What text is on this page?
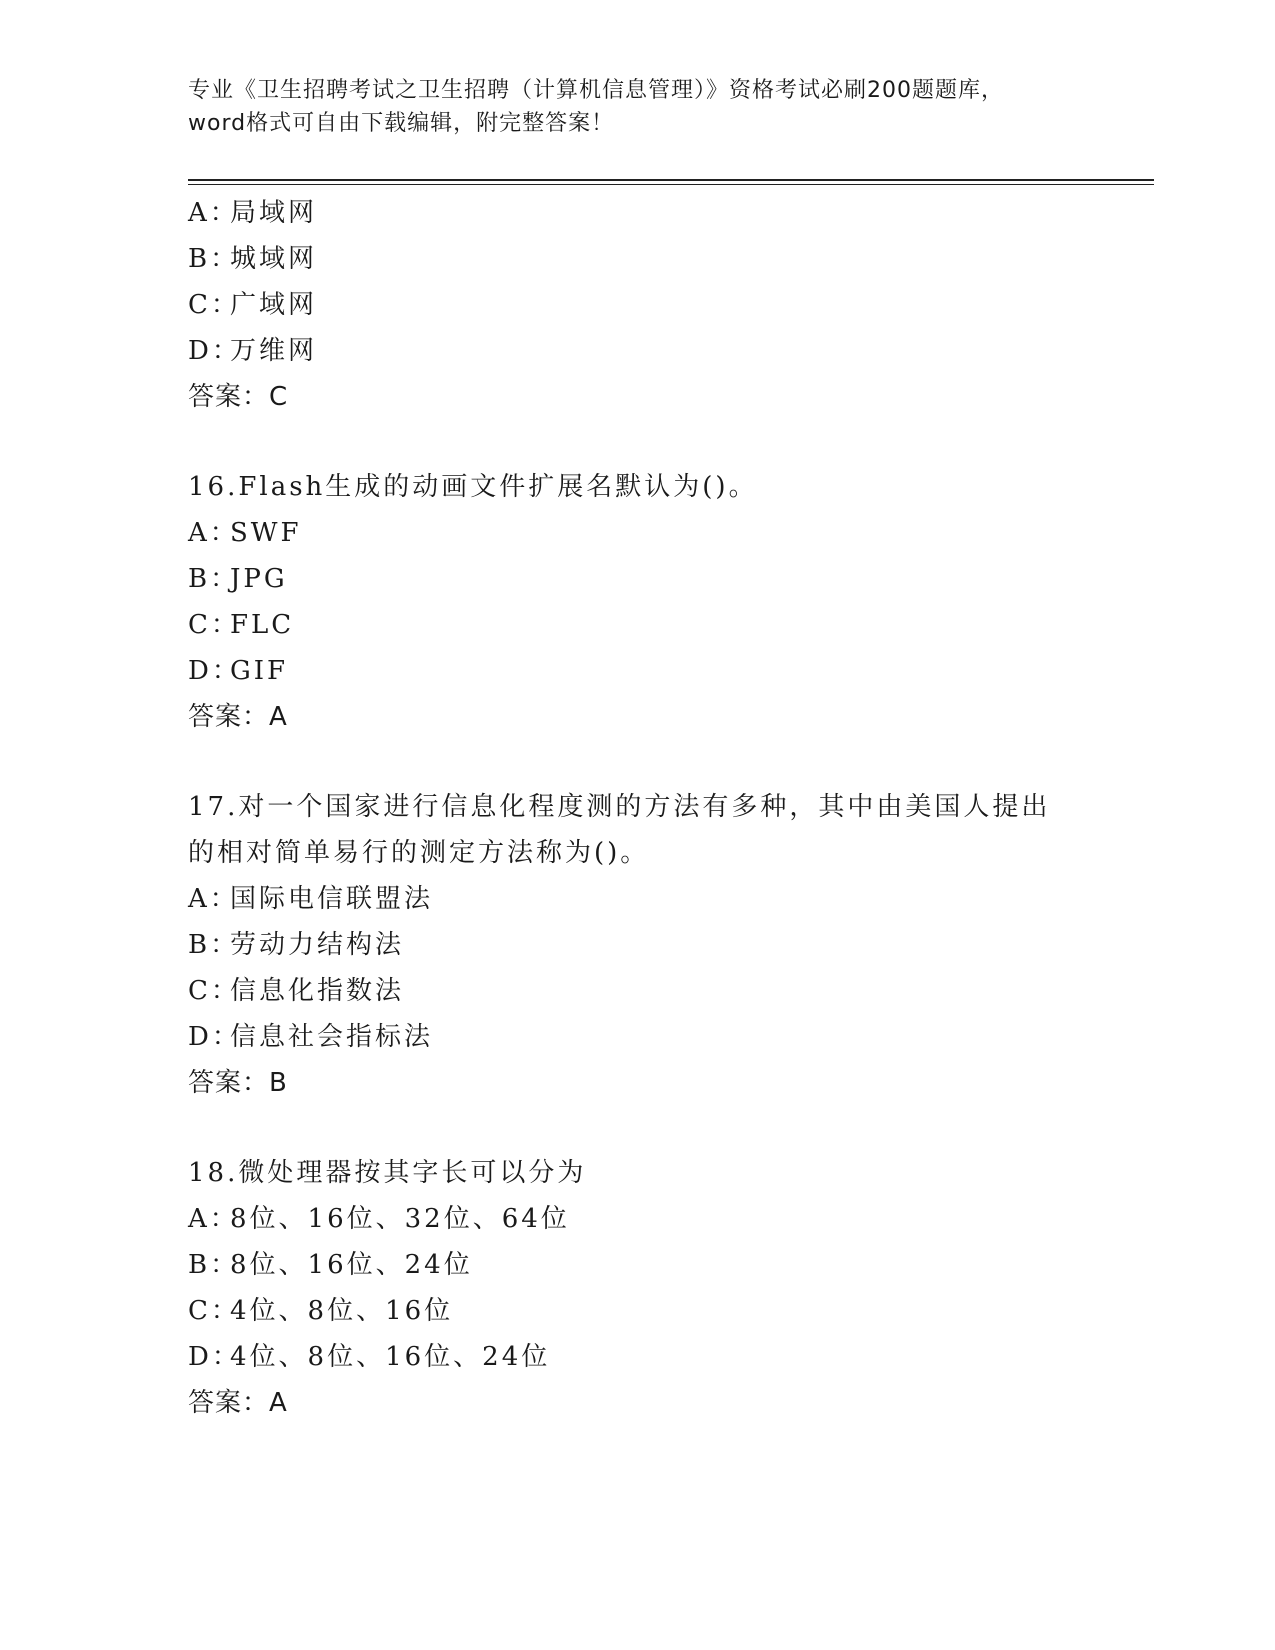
专业《卫生招聘考试之卫生招聘（计算机信息管理）》资格考试必刷200题题库，
word格式可自由下载编辑，附完整答案！
A：局域网
B：城域网
C：广域网
D：万维网
答案：C
16.Flash生成的动画文件扩展名默认为()。
A：SWF
B：JPG
C：FLC
D：GIF
答案：A
17.对一个国家进行信息化程度测的方法有多种，其中由美国人提出的相对简单易行的测定方法称为()。
A：国际电信联盟法
B：劳动力结构法
C：信息化指数法
D：信息社会指标法
答案：B
18.微处理器按其字长可以分为
A：8位、16位、32位、64位
B：8位、16位、24位
C：4位、8位、16位
D：4位、8位、16位、24位
答案：A
